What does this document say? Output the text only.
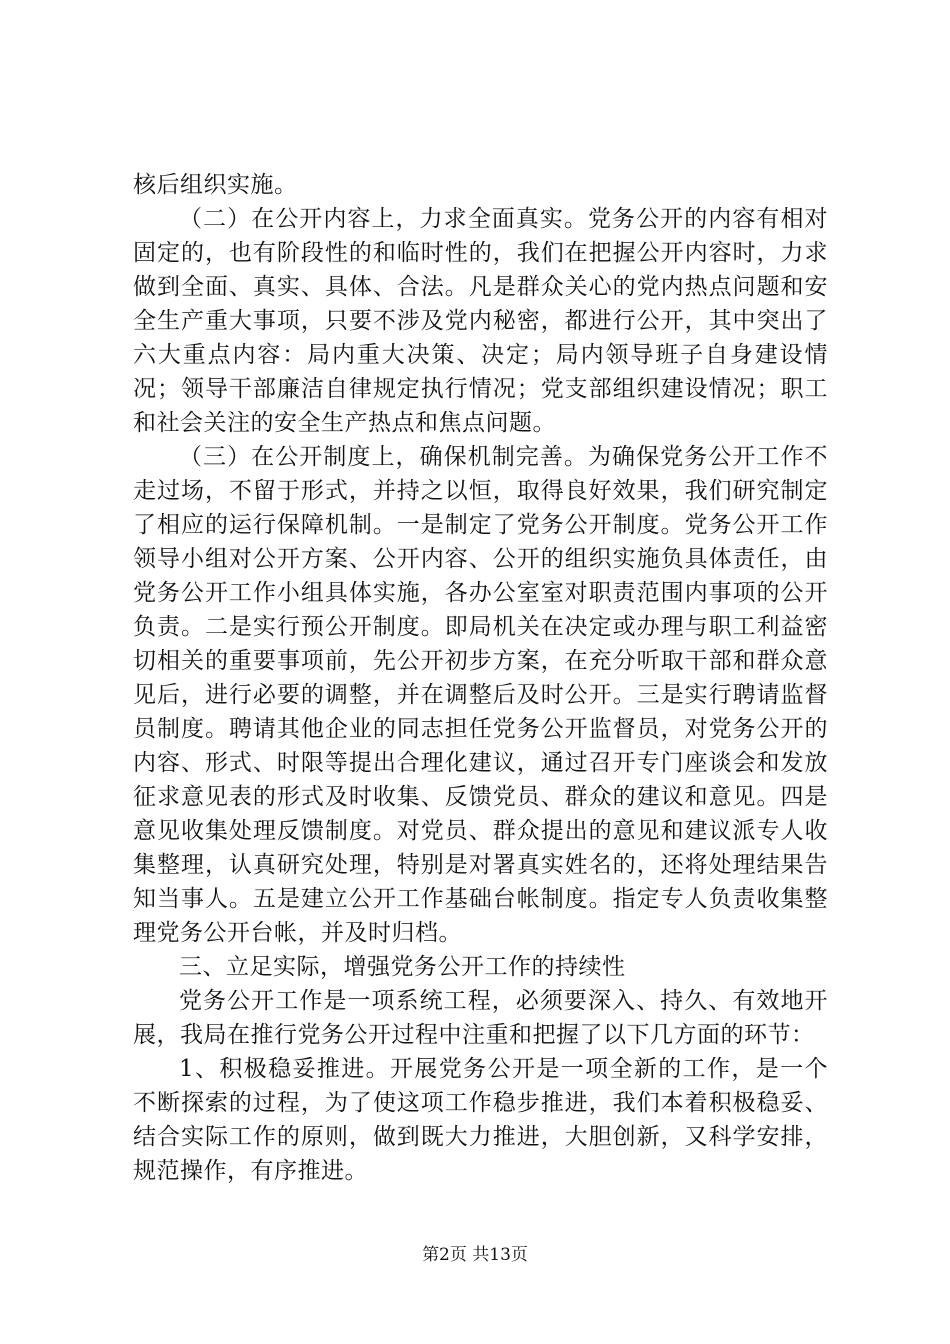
核后组织实施。

（二）在公开内容上，力求全面真实。党务公开的内容有相对固定的，也有阶段性的和临时性的，我们在把握公开内容时，力求做到全面、真实、具体、合法。凡是群众关心的党内热点问题和安全生产重大事项，只要不涉及党内秘密，都进行公开，其中突出了六大重点内容：局内重大决策、决定；局内领导班子自身建设情况；领导干部廉洁自律规定执行情况；党支部组织建设情况；职工和社会关注的安全生产热点和焦点问题。

（三）在公开制度上，确保机制完善。为确保党务公开工作不走过场，不留于形式，并持之以恒，取得良好效果，我们研究制定了相应的运行保障机制。一是制定了党务公开制度。党务公开工作领导小组对公开方案、公开内容、公开的组织实施负具体责任，由党务公开工作小组具体实施，各办公室室对职责范围内事项的公开负责。二是实行预公开制度。即局机关在决定或办理与职工利益密切相关的重要事项前，先公开初步方案，在充分听取干部和群众意见后，进行必要的调整，并在调整后及时公开。三是实行聘请监督员制度。聘请其他企业的同志担任党务公开监督员，对党务公开的内容、形式、时限等提出合理化建议，通过召开专门座谈会和发放征求意见表的形式及时收集、反馈党员、群众的建议和意见。四是意见收集处理反馈制度。对党员、群众提出的意见和建议派专人收集整理，认真研究处理，特别是对署真实姓名的，还将处理结果告知当事人。五是建立公开工作基础台帐制度。指定专人负责收集整理党务公开台帐，并及时归档。

三、立足实际，增强党务公开工作的持续性

党务公开工作是一项系统工程，必须要深入、持久、有效地开展，我局在推行党务公开过程中注重和把握了以下几方面的环节：

1、积极稳妥推进。开展党务公开是一项全新的工作，是一个不断探索的过程，为了使这项工作稳步推进，我们本着积极稳妥、结合实际工作的原则，做到既大力推进，大胆创新，又科学安排，规范操作，有序推进。

第2页 共13页
